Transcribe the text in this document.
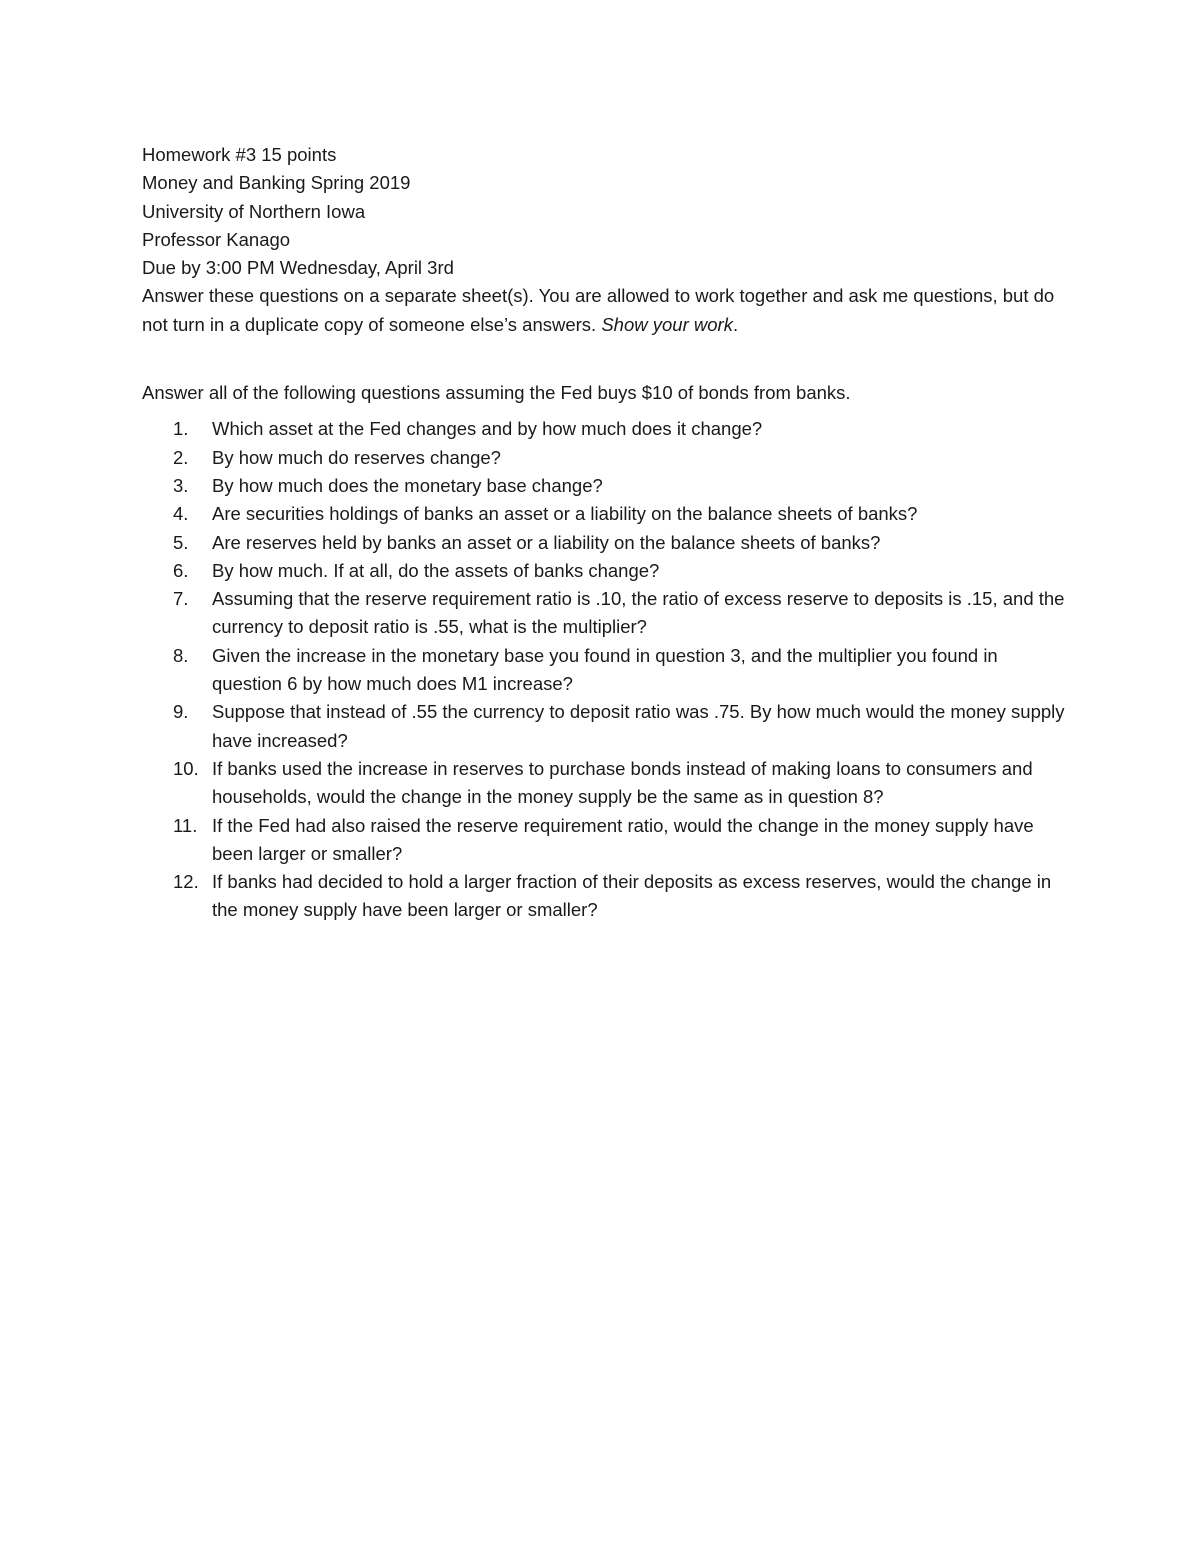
Homework #3 15 points
Money and Banking Spring 2019
University of Northern Iowa
Professor Kanago
Due by 3:00 PM Wednesday, April 3rd

Answer these questions on a separate sheet(s). You are allowed to work together and ask me questions, but do not turn in a duplicate copy of someone else’s answers. Show your work.

Answer all of the following questions assuming the Fed buys $10 of bonds from banks.

1.	Which asset at the Fed changes and by how much does it change?
2.	By how much do reserves change?
3.	By how much does the monetary base change?
4.	Are securities holdings of banks an asset or a liability on the balance sheets of banks?
5.	Are reserves held by banks an asset or a liability on the balance sheets of banks?
6.	By how much. If at all, do the assets of banks change?
7.	Assuming that the reserve requirement ratio is .10, the ratio of excess reserve to deposits is .15, and the currency to deposit ratio is .55, what is the multiplier?
8.	Given the increase in the monetary base you found in question 3, and the multiplier you found in question 6 by how much does M1 increase?
9.	Suppose that instead of .55 the currency to deposit ratio was .75. By how much would the money supply have increased?
10. If banks used the increase in reserves to purchase bonds instead of making loans to consumers and households, would the change in the money supply be the same as in question 8?
11. If the Fed had also raised the reserve requirement ratio, would the change in the money supply have been larger or smaller?
12. If banks had decided to hold a larger fraction of their deposits as excess reserves, would the change in the money supply have been larger or smaller?
